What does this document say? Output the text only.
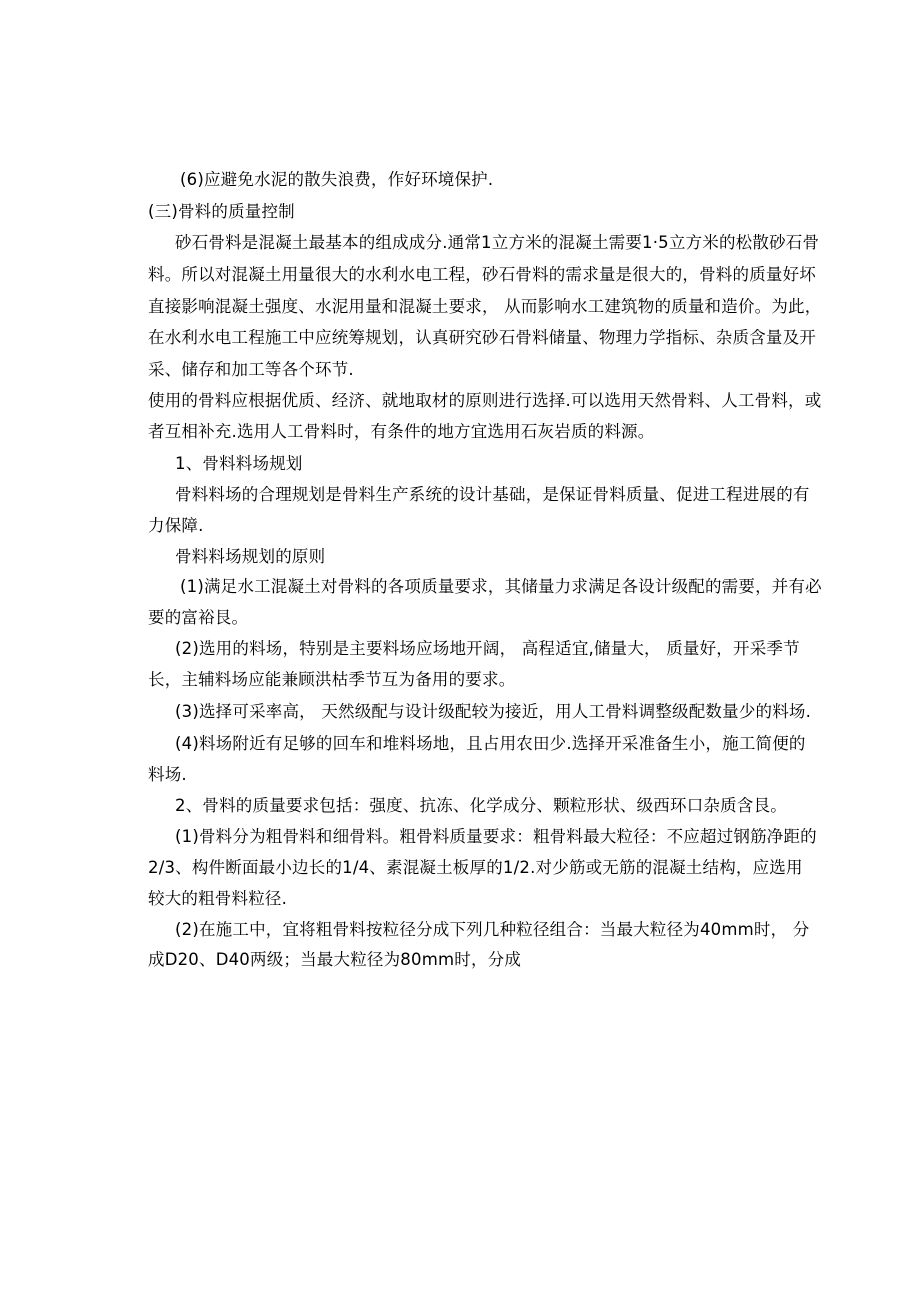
(6)应避免水泥的散失浪费，作好环境保护.
(三)骨料的质量控制
砂石骨料是混凝土最基本的组成成分.通常1立方米的混凝土需要1·5立方米的松散砂石骨
料。所以对混凝土用量很大的水利水电工程，砂石骨料的需求量是很大的，骨料的质量好坏
直接影响混凝土强度、水泥用量和混凝土要求， 从而影响水工建筑物的质量和造价。为此，
在水利水电工程施工中应统筹规划，认真研究砂石骨料储量、物理力学指标、杂质含量及开
采、储存和加工等各个环节.
使用的骨料应根据优质、经济、就地取材的原则进行选择.可以选用天然骨料、人工骨料，或
者互相补充.选用人工骨料时，有条件的地方宜选用石灰岩质的料源。
1、骨料料场规划
骨料料场的合理规划是骨料生产系统的设计基础，是保证骨料质量、促进工程进展的有
力保障.
骨料料场规划的原则
(1)满足水工混凝土对骨料的各项质量要求，其储量力求满足各设计级配的需要，并有必
要的富裕艮。
(2)选用的料场，特别是主要料场应场地开阔， 高程适宜,储量大， 质量好，开采季节
长，主辅料场应能兼顾洪枯季节互为备用的要求。
(3)选择可采率高， 天然级配与设计级配较为接近，用人工骨料调整级配数量少的料场.
(4)料场附近有足够的回车和堆料场地，且占用农田少.选择开采准备生小，施工简便的
料场.
2、骨料的质量要求包括：强度、抗冻、化学成分、颗粒形状、级西环口杂质含艮。
(1)骨料分为粗骨料和细骨料。粗骨料质量要求：粗骨料最大粒径：不应超过钢筋净距的
2/3、构件断面最小边长的1/4、素混凝土板厚的1/2.对少筋或无筋的混凝土结构，应选用
较大的粗骨料粒径.
(2)在施工中，宜将粗骨料按粒径分成下列几种粒径组合：当最大粒径为40mm时， 分
成D20、D40两级；当最大粒径为80mm时，分成
